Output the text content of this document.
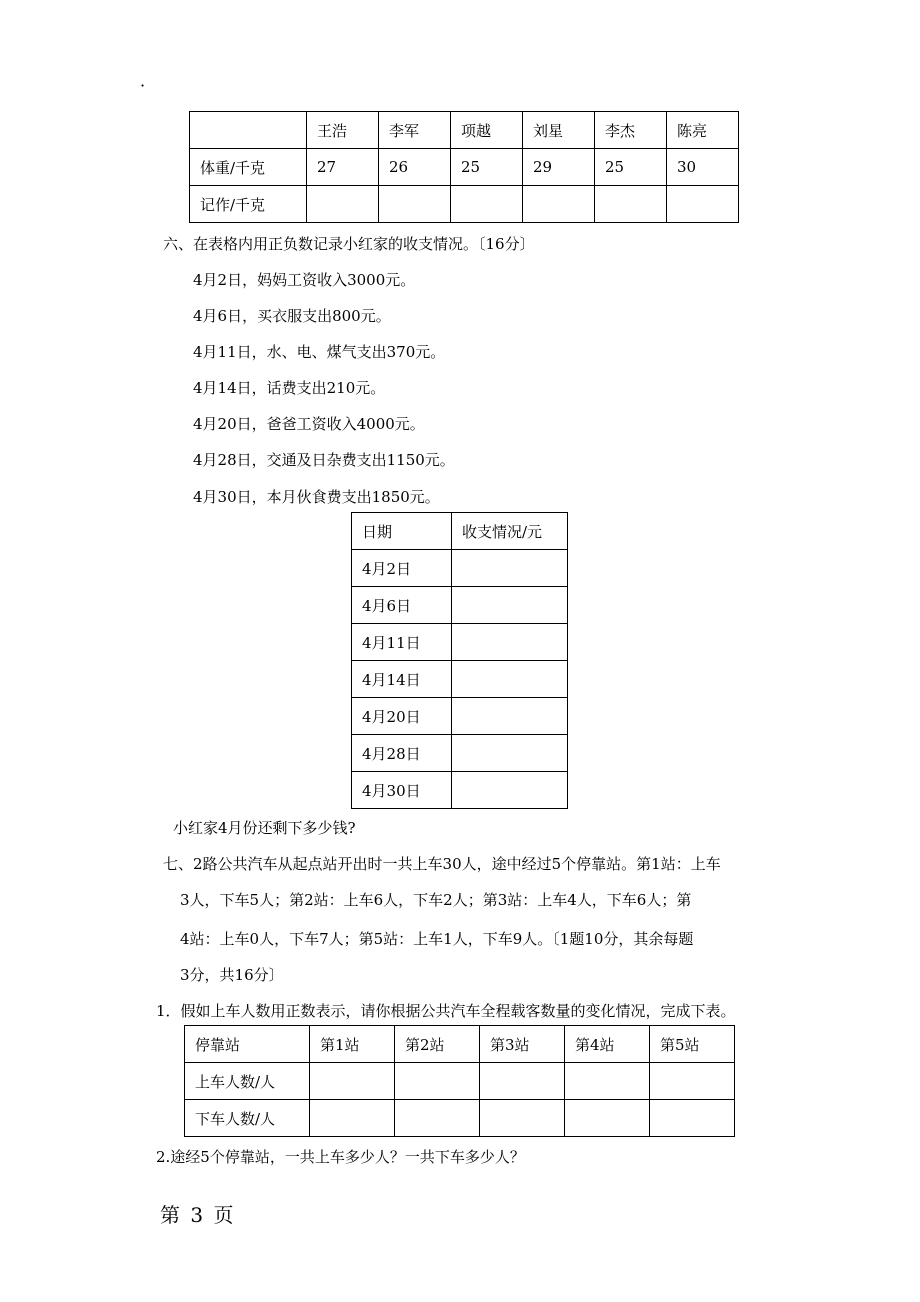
·
	王浩	李军	项越	刘星	李杰	陈亮
体重/千克	27	26	25	29	25	30
记作/千克						
六、在表格内用正负数记录小红家的收支情况。〔16分〕
4月2日，妈妈工资收入3000元。
4月6日，买衣服支出800元。
4月11日，水、电、煤气支出370元。
4月14日，话费支出210元。
4月20日，爸爸工资收入4000元。
4月28日，交通及日杂费支出1150元。
4月30日，本月伙食费支出1850元。
日期	收支情况/元
4月2日	
4月6日	
4月11日	
4月14日	
4月20日	
4月28日	
4月30日	
小红家4月份还剩下多少钱?
七、2路公共汽车从起点站开出时一共上车30人，途中经过5个停靠站。第1站：上车
3人，下车5人；第2站：上车6人，下车2人；第3站：上车4人，下车6人；第
4站：上车0人，下车7人；第5站：上车1人，下车9人。〔1题10分，其余每题
3分，共16分〕
1．假如上车人数用正数表示，请你根据公共汽车全程载客数量的变化情况，完成下表。
停靠站	第1站	第2站	第3站	第4站	第5站
上车人数/人					
下车人数/人					
2.途经5个停靠站，一共上车多少人？一共下车多少人？
第 3 页
